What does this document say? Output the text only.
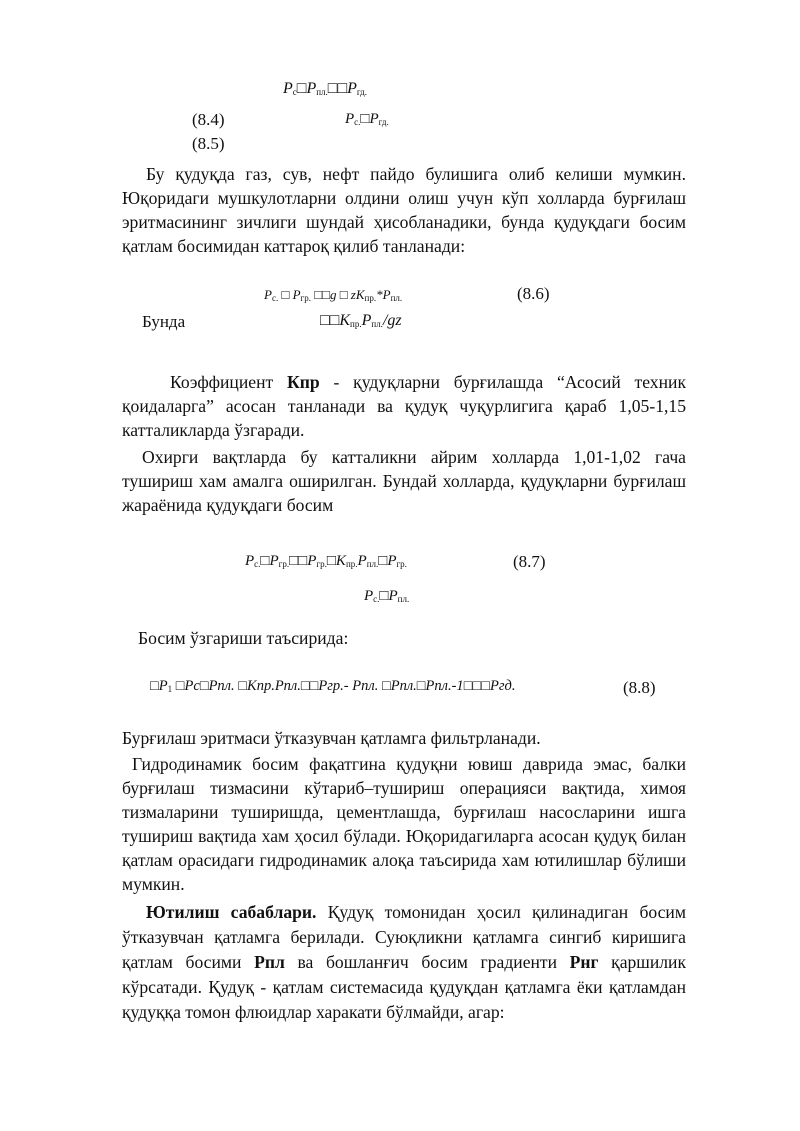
$P_с□P_{пл.}□□P_{гд.}$
(8.4)	$P_{с.}□P_{гд.}$
(8.5)
Бу қудуқда газ, сув, нефт пайдо булишига олиб келиши мумкин. Юқоридаги мушкулотларни олдини олиш учун кўп холларда бурғилаш эритмасининг зичлиги шундай ҳисобланадики, бунда қудуқдаги босим қатлам босимидан каттароқ қилиб танланади:
$P_{с.}$ □ $P_{гр.}$ □□g □ $zK_{пр.}*P_{пл.}$	(8.6)
Бунда	$□□K_{пр.}P_{пл.}/gz$
Коэффициент Кпр - қудуқларни бурғилашда “Асосий техник қоидаларга” асосан танланади ва қудуқ чуқурлигига қараб 1,05-1,15 катталикларда ўзгаради.
Охирги вақтларда бу катталикни айрим холларда 1,01-1,02 гача тушириш хам амалга оширилган. Бундай холларда, қудуқларни бурғилаш жараёнида қудуқдаги босим
$P_{с.}□P_{гр.}□□P_{гр.}□K_{пр.}P_{пл.}□P_{гр.}$	(8.7)
$P_{с.}□P_{пл.}$
Босим ўзгариши таъсирида:
$□P_1$ □Pс□Pпл. □Kпр.Pпл.□□Pгр.- Pпл. □Pпл.□Pпл.-1□□□Pгд.	(8.8)
Бурғилаш эритмаси ўтказувчан қатламга фильтрланади.
Гидродинамик босим фақатгина қудуқни ювиш даврида эмас, балки бурғилаш тизмасини кўтариб–тушириш операцияси вақтида, химоя тизмаларини туширишда, цементлашда, бурғилаш насосларини ишга тушириш вақтида хам ҳосил бўлади. Юқоридагиларга асосан қудуқ билан қатлам орасидаги гидродинамик алоқа таъсирида хам ютилишлар бўлиши мумкин.
Ютилиш сабаблари. Қудуқ томонидан ҳосил қилинадиган босим ўтказувчан қатламга берилади. Суюқликни қатламга сингиб киришига қатлам босими Рпл ва бошланғич босим градиенти Рнг қаршилик кўрсатади. Қудуқ - қатлам системасида қудуқдан қатламга ёки қатламдан қудуққа томон флюидлар харакати бўлмайди, агар:
